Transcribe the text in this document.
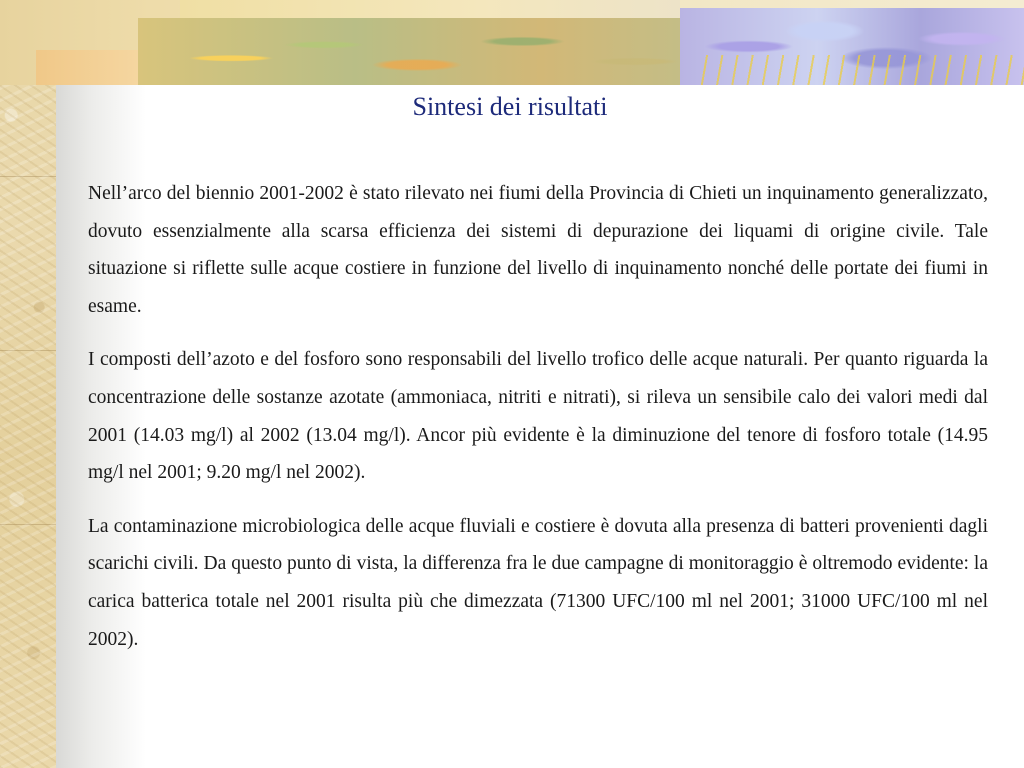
Sintesi dei risultati

Nell’arco del biennio 2001-2002 è stato rilevato nei fiumi della Provincia di Chieti un inquinamento generalizzato, dovuto essenzialmente alla scarsa efficienza dei sistemi di depurazione dei liquami di origine civile. Tale situazione si riflette sulle acque costiere in funzione del livello di inquinamento nonché delle portate dei fiumi in esame.

I composti dell’azoto e del fosforo sono responsabili del livello trofico delle acque naturali. Per quanto riguarda la concentrazione delle sostanze azotate (ammoniaca, nitriti e nitrati), si rileva un sensibile calo dei valori medi dal 2001 (14.03 mg/l) al 2002 (13.04 mg/l). Ancor più evidente è la diminuzione del tenore di fosforo totale (14.95 mg/l nel 2001; 9.20 mg/l nel 2002).

La contaminazione microbiologica delle acque fluviali e costiere è dovuta alla presenza di batteri provenienti dagli scarichi civili. Da questo punto di vista, la differenza fra le due campagne di monitoraggio è oltremodo evidente: la carica batterica totale nel 2001 risulta più che dimezzata (71300 UFC/100 ml nel 2001; 31000 UFC/100 ml nel 2002).
